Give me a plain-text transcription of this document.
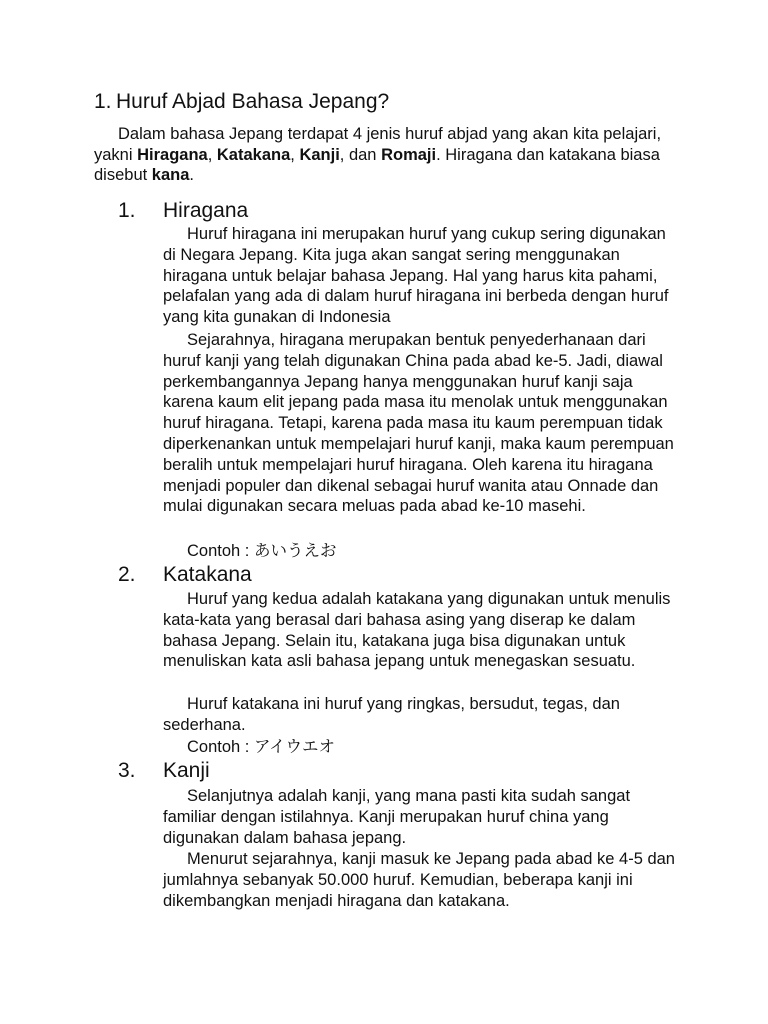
1. Huruf Abjad Bahasa Jepang?

Dalam bahasa Jepang terdapat 4 jenis huruf abjad yang akan kita pelajari, yakni Hiragana, Katakana, Kanji, dan Romaji. Hiragana dan katakana biasa disebut kana.

1. Hiragana

Huruf hiragana ini merupakan huruf yang cukup sering digunakan di Negara Jepang. Kita juga akan sangat sering menggunakan hiragana untuk belajar bahasa Jepang. Hal yang harus kita pahami, pelafalan yang ada di dalam huruf hiragana ini berbeda dengan huruf yang kita gunakan di Indonesia

Sejarahnya, hiragana merupakan bentuk penyederhanaan dari huruf kanji yang telah digunakan China pada abad ke-5. Jadi, diawal perkembangannya Jepang hanya menggunakan huruf kanji saja karena kaum elit jepang pada masa itu menolak untuk menggunakan huruf hiragana. Tetapi, karena pada masa itu kaum perempuan tidak diperkenankan untuk mempelajari huruf kanji, maka kaum perempuan beralih untuk mempelajari huruf hiragana. Oleh karena itu hiragana menjadi populer dan dikenal sebagai huruf wanita atau Onnade dan mulai digunakan secara meluas pada abad ke-10 masehi.

Contoh : あいうえお
2. Katakana

Huruf yang kedua adalah katakana yang digunakan untuk menulis kata-kata yang berasal dari bahasa asing yang diserap ke dalam bahasa Jepang. Selain itu, katakana juga bisa digunakan untuk menuliskan kata asli bahasa jepang untuk menegaskan sesuatu.

Huruf katakana ini huruf yang ringkas, bersudut, tegas, dan sederhana.

Contoh : アイウエオ
3. Kanji

Selanjutnya adalah kanji, yang mana pasti kita sudah sangat familiar dengan istilahnya. Kanji merupakan huruf china yang digunakan dalam bahasa jepang.

Menurut sejarahnya, kanji masuk ke Jepang pada abad ke 4-5 dan jumlahnya sebanyak 50.000 huruf. Kemudian, beberapa kanji ini dikembangkan menjadi hiragana dan katakana.
